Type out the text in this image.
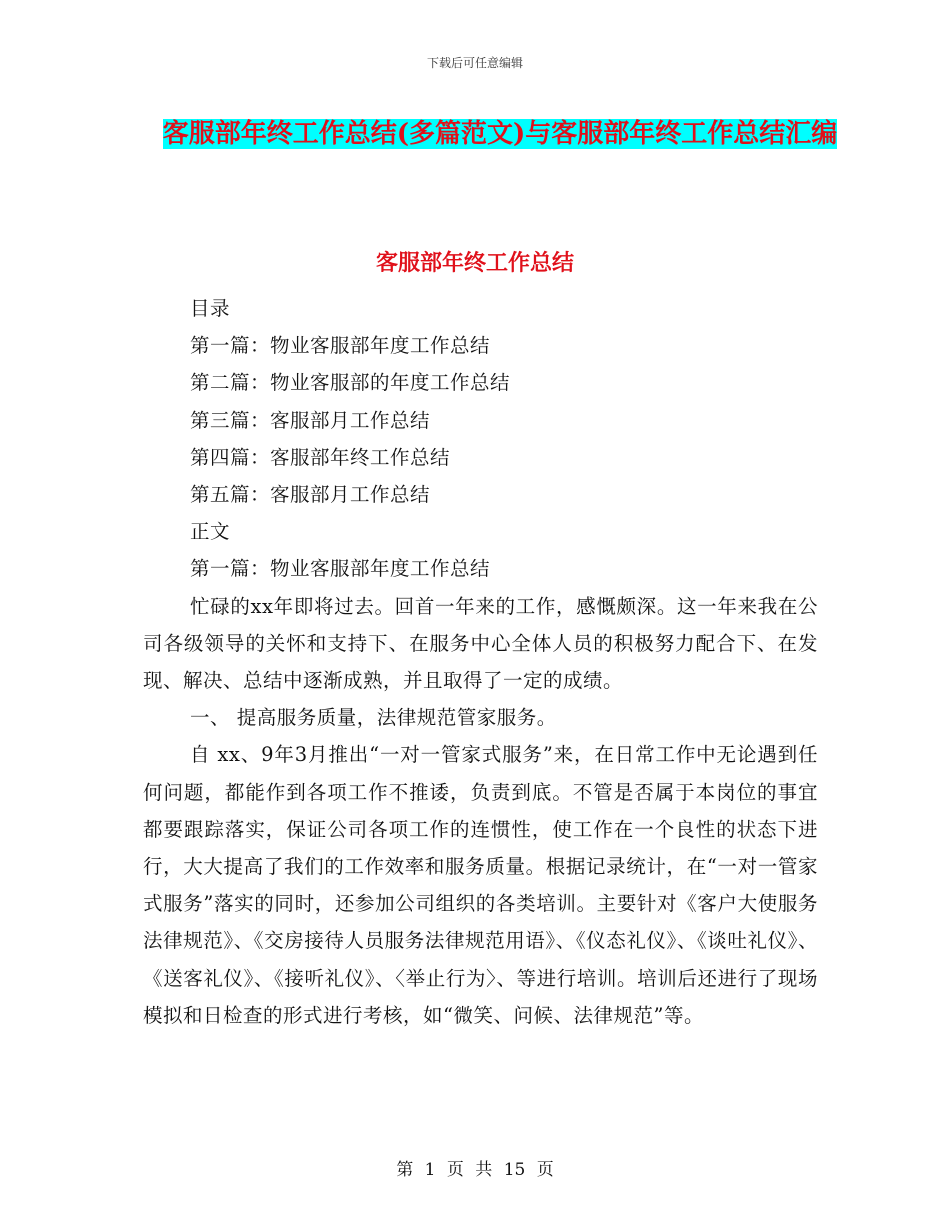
下载后可任意编辑
客服部年终工作总结(多篇范文)与客服部年终工作总结汇编
客服部年终工作总结

目录

第一篇：物业客服部年度工作总结

第二篇：物业客服部的年度工作总结

第三篇：客服部月工作总结

第四篇：客服部年终工作总结

第五篇：客服部月工作总结

正文

第一篇：物业客服部年度工作总结

忙碌的xx年即将过去。回首一年来的工作，感慨颇深。这一年来我在公司各级领导的关怀和支持下、在服务中心全体人员的积极努力配合下、在发现、解决、总结中逐渐成熟，并且取得了一定的成绩。

一、 提高服务质量，法律规范管家服务。

自 xx、9年3月推出“一对一管家式服务”来，在日常工作中无论遇到任何问题，都能作到各项工作不推诿，负责到底。不管是否属于本岗位的事宜都要跟踪落实，保证公司各项工作的连惯性，使工作在一个良性的状态下进行，大大提高了我们的工作效率和服务质量。根据记录统计，在“一对一管家式服务”落实的同时，还参加公司组织的各类培训。主要针对《客户大使服务法律规范》、《交房接待人员服务法律规范用语》、《仪态礼仪》、《谈吐礼仪》、《送客礼仪》、《接听礼仪》、〈举止行为〉、等进行培训。培训后还进行了现场模拟和日检查的形式进行考核，如“微笑、问候、法律规范”等。

第 1 页 共 15 页
